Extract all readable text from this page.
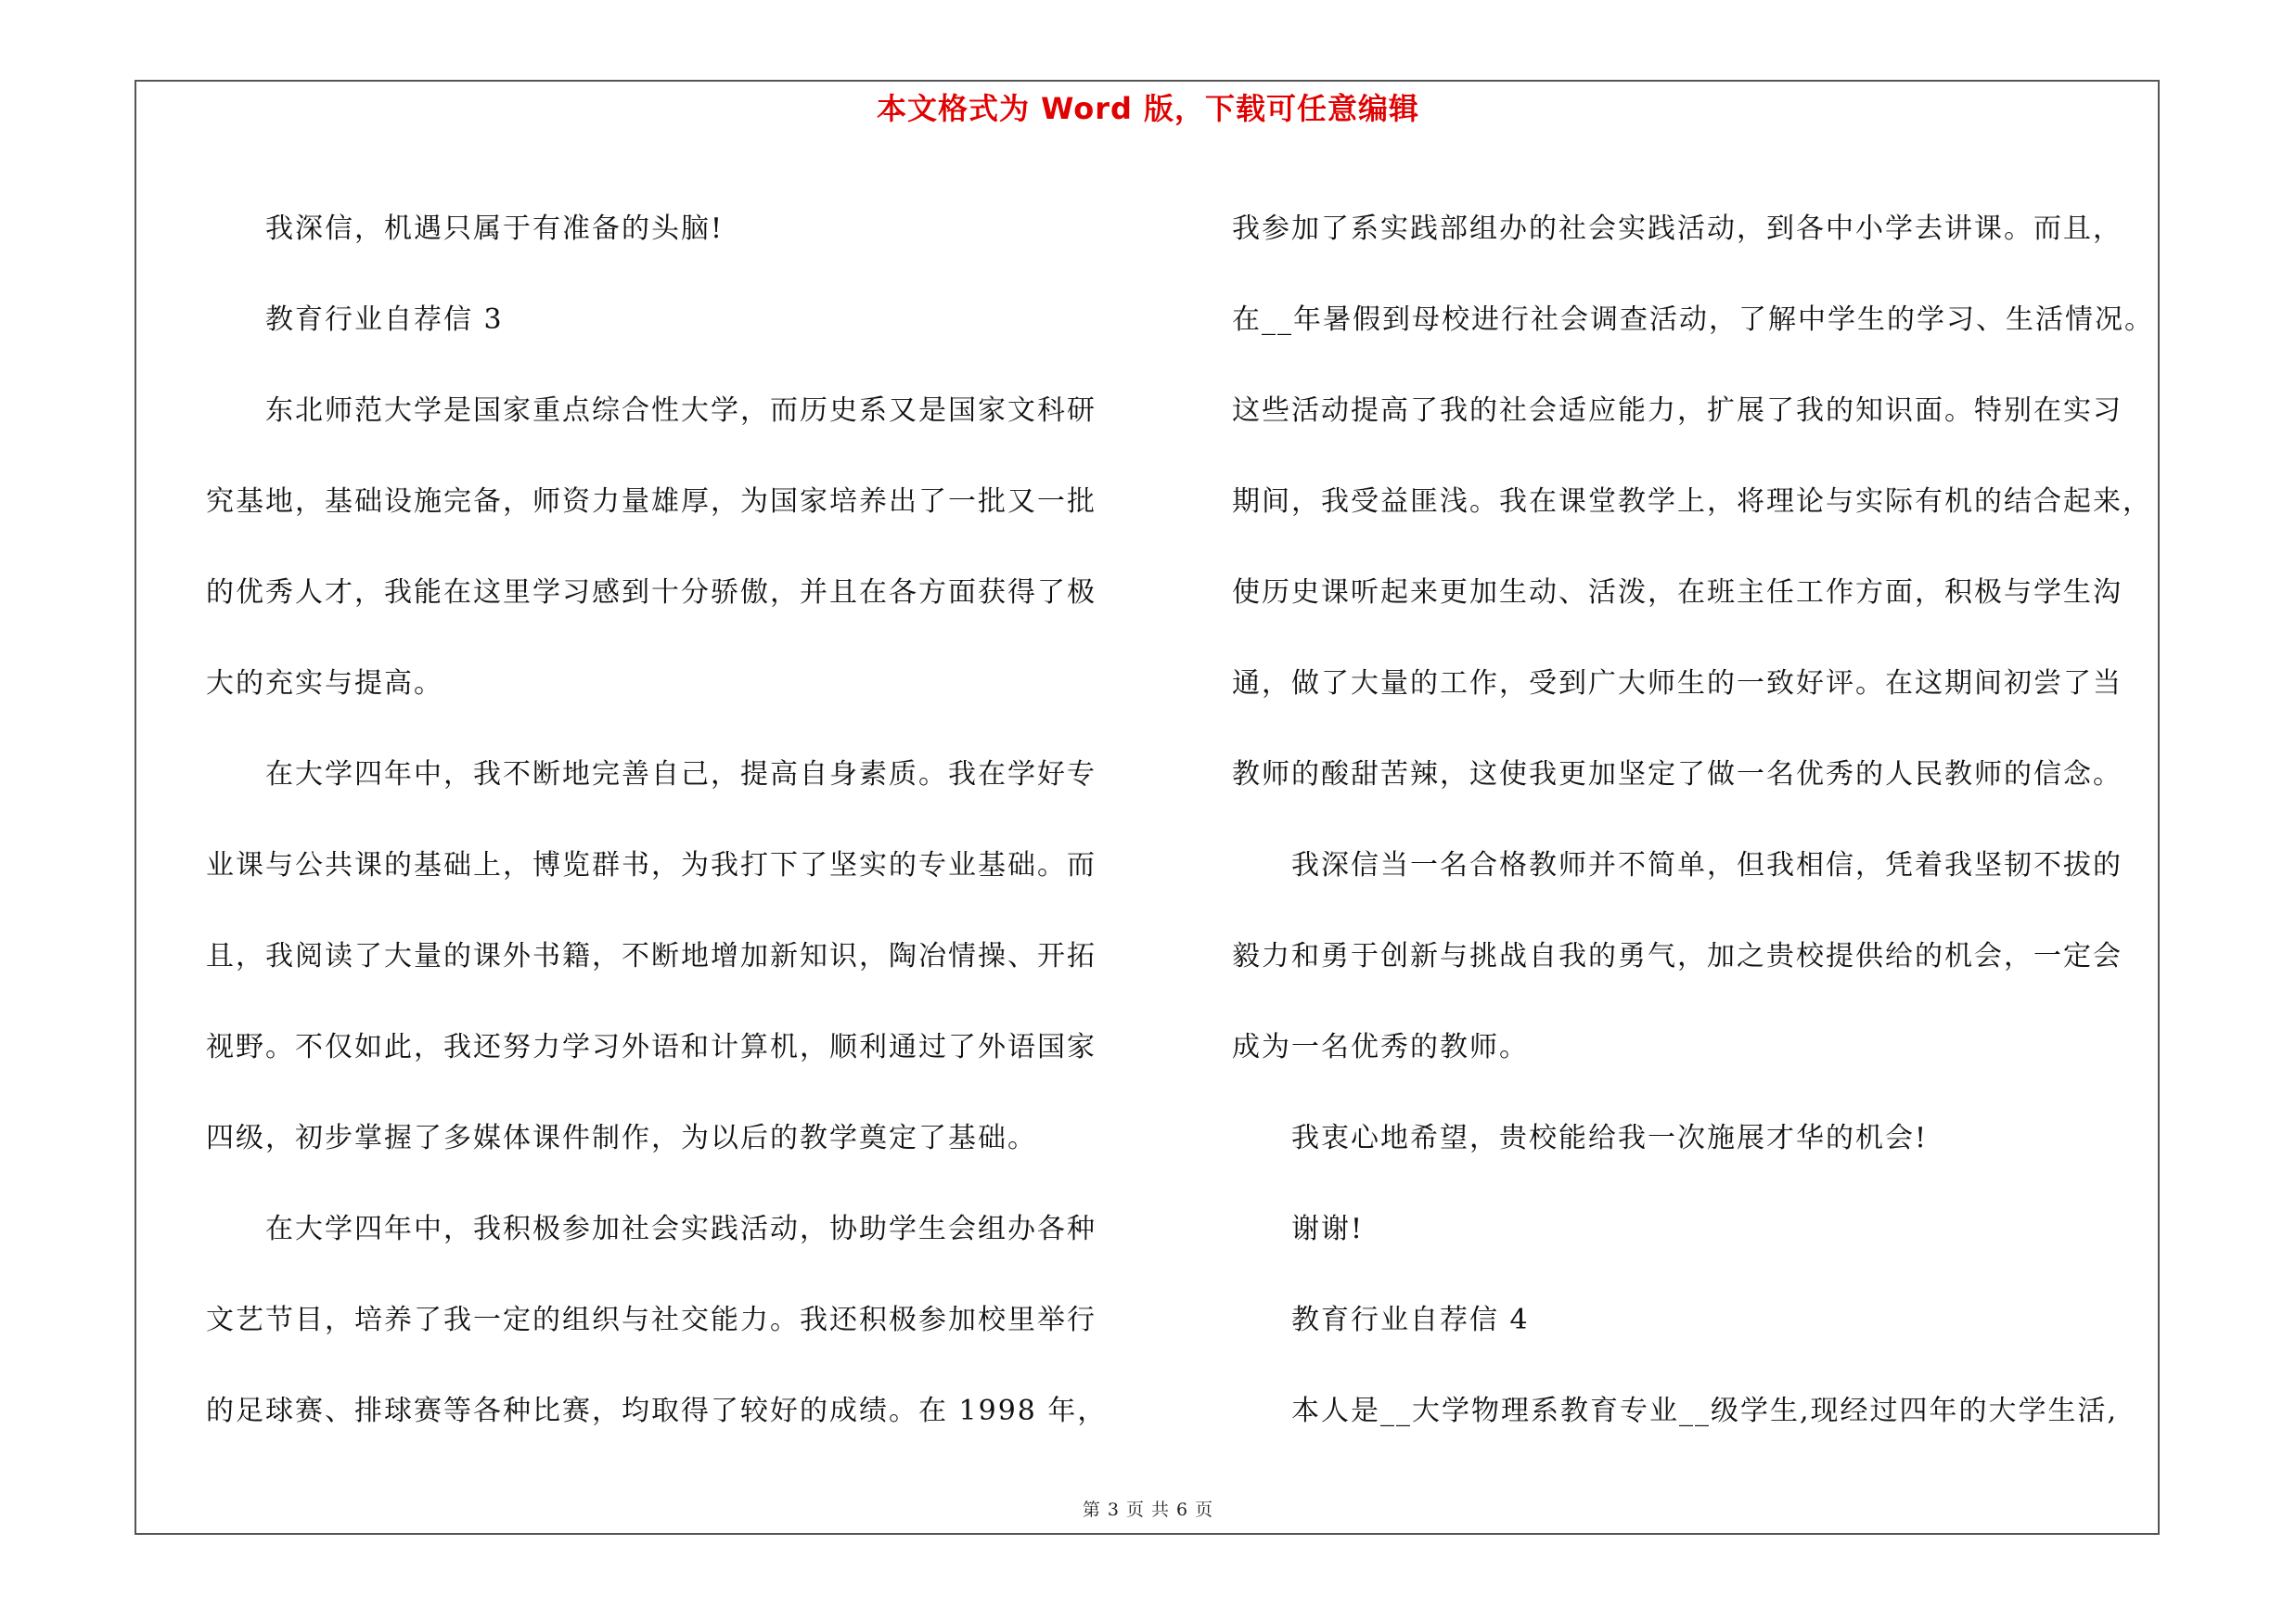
本文格式为 Word 版，下载可任意编辑
我深信，机遇只属于有准备的头脑!
教育行业自荐信 3
东北师范大学是国家重点综合性大学，而历史系又是国家文科研
究基地，基础设施完备，师资力量雄厚，为国家培养出了一批又一批
的优秀人才，我能在这里学习感到十分骄傲，并且在各方面获得了极
大的充实与提高。
在大学四年中，我不断地完善自己，提高自身素质。我在学好专
业课与公共课的基础上，博览群书，为我打下了坚实的专业基础。而
且，我阅读了大量的课外书籍，不断地增加新知识，陶冶情操、开拓
视野。不仅如此，我还努力学习外语和计算机，顺利通过了外语国家
四级，初步掌握了多媒体课件制作，为以后的教学奠定了基础。
在大学四年中，我积极参加社会实践活动，协助学生会组办各种
文艺节目，培养了我一定的组织与社交能力。我还积极参加校里举行
的足球赛、排球赛等各种比赛，均取得了较好的成绩。在 1998 年，
我参加了系实践部组办的社会实践活动，到各中小学去讲课。而且，
在__年暑假到母校进行社会调查活动，了解中学生的学习、生活情况。
这些活动提高了我的社会适应能力，扩展了我的知识面。特别在实习
期间，我受益匪浅。我在课堂教学上，将理论与实际有机的结合起来，
使历史课听起来更加生动、活泼，在班主任工作方面，积极与学生沟
通，做了大量的工作，受到广大师生的一致好评。在这期间初尝了当
教师的酸甜苦辣，这使我更加坚定了做一名优秀的人民教师的信念。
我深信当一名合格教师并不简单，但我相信，凭着我坚韧不拔的
毅力和勇于创新与挑战自我的勇气，加之贵校提供给的机会，一定会
成为一名优秀的教师。
我衷心地希望，贵校能给我一次施展才华的机会!
谢谢!
教育行业自荐信 4
本人是__大学物理系教育专业__级学生,现经过四年的大学生活,
第 3 页 共 6 页
